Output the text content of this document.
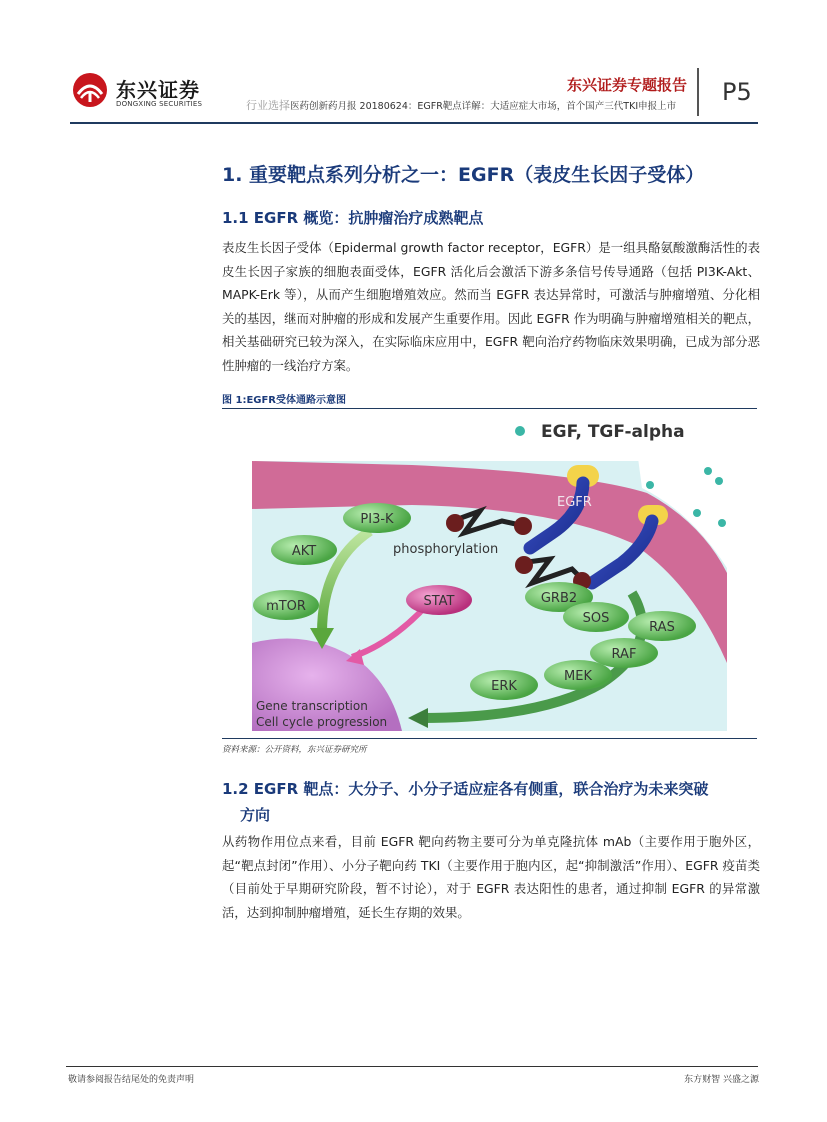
东兴证券
DONGXING SECURITIES
东兴证券专题报告
行业选择医药创新药月报 20180624：EGFR靶点详解：大适应症大市场，首个国产三代TKI申报上市
P5
1. 重要靶点系列分析之一：EGFR（表皮生长因子受体）
1.1 EGFR 概览：抗肿瘤治疗成熟靶点
表皮生长因子受体（Epidermal growth factor receptor，EGFR）是一组具酪氨酸激酶活性的表皮生长因子家族的细胞表面受体，EGFR 活化后会激活下游多条信号传导通路（包括 PI3K-Akt、MAPK-Erk 等），从而产生细胞增殖效应。然而当 EGFR 表达异常时，可激活与肿瘤增殖、分化相关的基因，继而对肿瘤的形成和发展产生重要作用。因此 EGFR 作为明确与肿瘤增殖相关的靶点，相关基础研究已较为深入，在实际临床应用中，EGFR 靶向治疗药物临床效果明确，已成为部分恶性肿瘤的一线治疗方案。
图 1:EGFR受体通路示意图
EGF, TGF-alpha
EGFR
phosphorylation
PI3-K
AKT
mTOR	STAT	GRB2
SOS
RAS
RAF
MEK
ERK
Gene transcription
Cell cycle progression
资料来源：公开资料，东兴证券研究所
1.2 EGFR 靶点：大分子、小分子适应症各有侧重，联合治疗为未来突破
方向
从药物作用位点来看，目前 EGFR 靶向药物主要可分为单克隆抗体 mAb（主要作用于胞外区，起“靶点封闭”作用）、小分子靶向药 TKI（主要作用于胞内区，起“抑制激活”作用）、EGFR 疫苗类（目前处于早期研究阶段，暂不讨论），对于 EGFR 表达阳性的患者，通过抑制 EGFR 的异常激活，达到抑制肿瘤增殖，延长生存期的效果。
敬请参阅报告结尾处的免责声明	东方财智 兴盛之源
